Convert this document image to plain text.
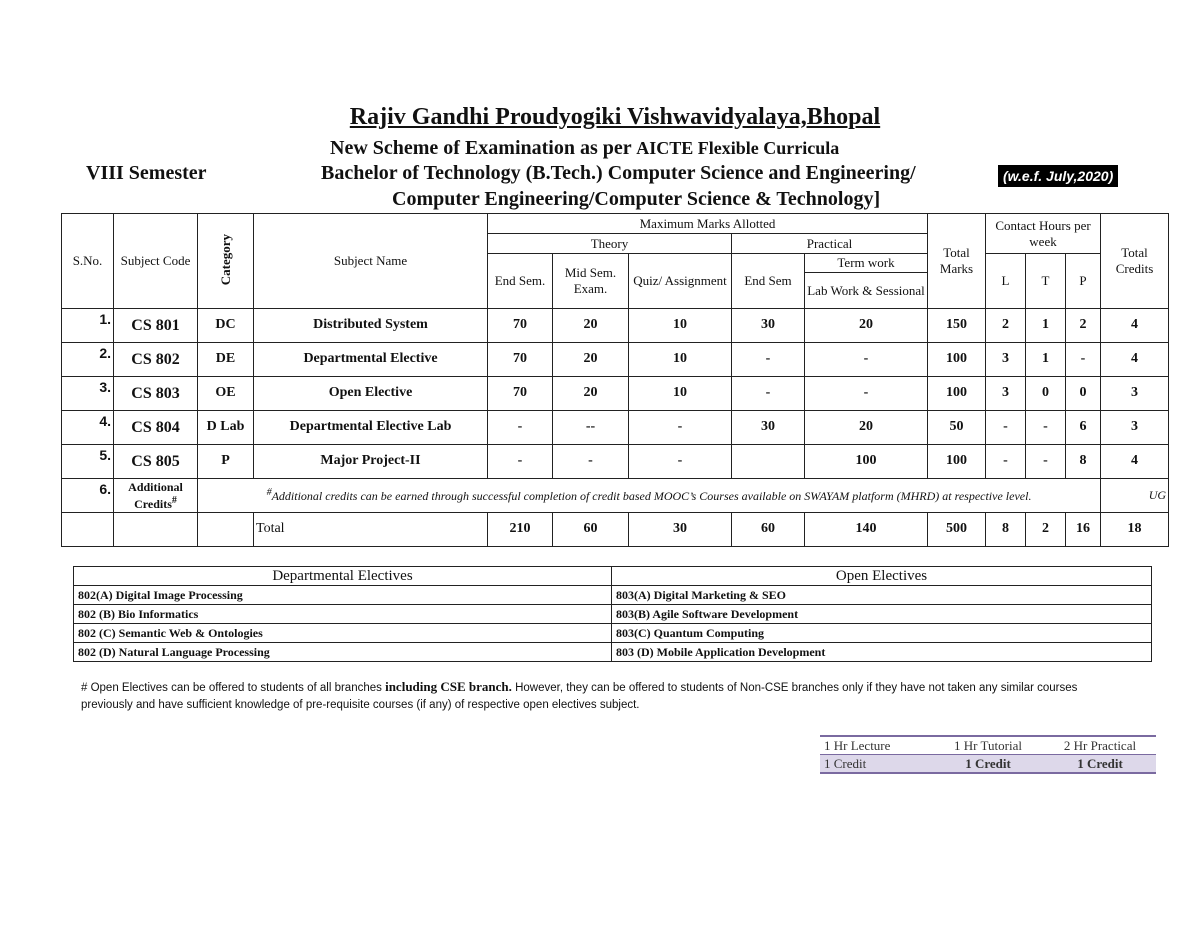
Rajiv Gandhi Proudyogiki Vishwavidyalaya,Bhopal
New Scheme of Examination as per AICTE Flexible Curricula
VIII Semester	Bachelor of Technology (B.Tech.) Computer Science and Engineering/	(w.e.f. July,2020)
Computer Engineering/Computer Science & Technology]
S.No.	Subject Code	Category	Subject Name	Maximum Marks Allotted					Total Marks	Contact Hours per week			Total Credits
				Theory			Practical						
				End Sem.	Mid Sem. Exam.	Quiz/ Assignment	End Sem	Term work		L	T	P	
								Lab Work & Sessional					
1.	CS 801	DC	Distributed System	70	20	10	30	20	150	2	1	2	4
2.	CS 802	DE	Departmental Elective	70	20	10	-	-	100	3	1	-	4
3.	CS 803	OE	Open Elective	70	20	10	-	-	100	3	0	0	3
4.	CS 804	D Lab	Departmental Elective Lab	-	--	-	30	20	50	-	-	6	3
5.	CS 805	P	Major Project-II	-	-	-		100	100	-	-	8	4
6.	Additional Credits#	#Additional credits can be earned through successful completion of credit based MOOC’s Courses available on SWAYAM platform (MHRD) at respective level.											UG
			Total	210	60	30	60	140	500	8	2	16	18
Departmental Electives	Open Electives
802(A) Digital Image Processing	803(A) Digital Marketing & SEO
802 (B) Bio Informatics	803(B) Agile Software Development
802 (C) Semantic Web & Ontologies	803(C) Quantum Computing
802 (D) Natural Language Processing	803 (D) Mobile Application Development
# Open Electives can be offered to students of all branches including CSE branch. However, they can be offered to students of Non-CSE branches only if they have not taken any similar courses previously and have sufficient knowledge of pre-requisite courses (if any) of respective open electives subject.
1 Hr Lecture	1 Hr Tutorial	2 Hr Practical
1 Credit	1 Credit	1 Credit
